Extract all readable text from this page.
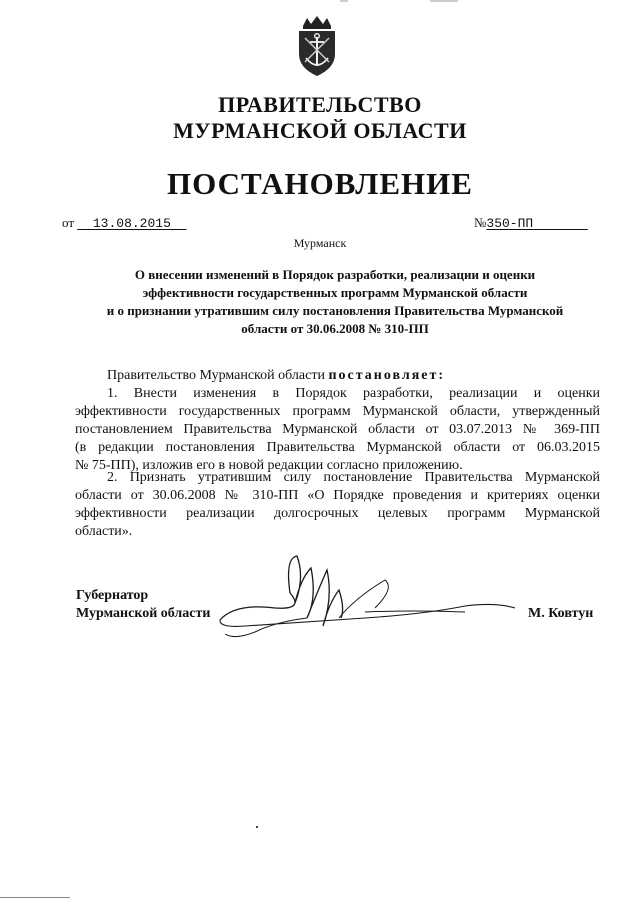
ПРАВИТЕЛЬСТВО
МУРМАНСКОЙ ОБЛАСТИ
ПОСТАНОВЛЕНИЕ
от 13.08.2015	№350-ПП
Мурманск
О внесении изменений в Порядок разработки, реализации и оценки
эффективности государственных программ Мурманской области
и о признании утратившим силу постановления Правительства Мурманской
области от 30.06.2008 № 310-ПП
Правительство Мурманской области постановляет:
1. Внести изменения в Порядок разработки, реализации и оценки
эффективности государственных программ Мурманской области, утвержденный
постановлением Правительства Мурманской области от 03.07.2013 № 369-ПП
(в редакции постановления Правительства Мурманской области от 06.03.2015
№ 75-ПП), изложив его в новой редакции согласно приложению.
2. Признать утратившим силу постановление Правительства Мурманской
области от 30.06.2008 № 310-ПП «О Порядке проведения и критериях оценки
эффективности реализации долгосрочных целевых программ Мурманской
области».
Губернатор
Мурманской области	М. Ковтун
